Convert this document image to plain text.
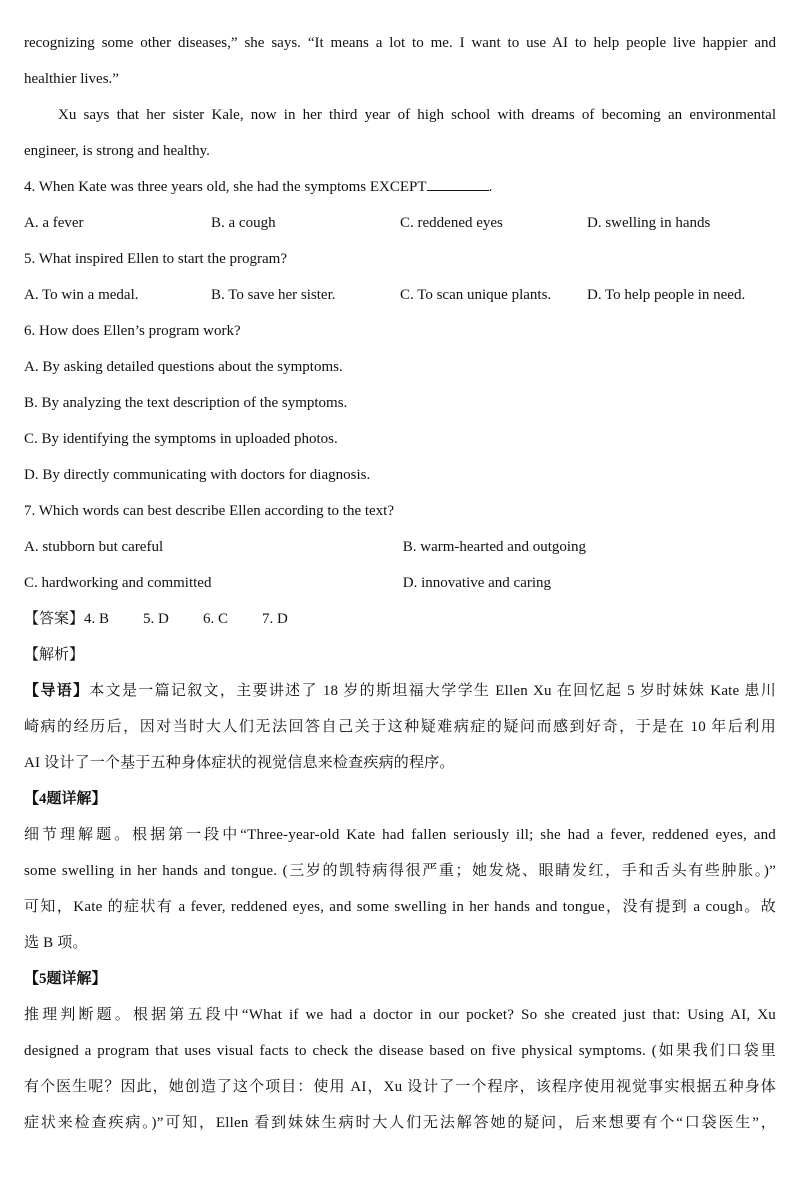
recognizing some other diseases,” she says. “It means a lot to me. I want to use AI to help people live happier and
healthier lives.”
Xu says that her sister Kale, now in her third year of high school with dreams of becoming an environmental
engineer, is strong and healthy.
4. When Kate was three years old, she had the symptoms EXCEPT	.
A. a fever	B. a cough	C. reddened eyes	D. swelling in hands
5. What inspired Ellen to start the program?
A. To win a medal.	B. To save her sister.	C. To scan unique plants.	D. To help people in need.
6. How does Ellen’s program work?
A. By asking detailed questions about the symptoms.
B. By analyzing the text description of the symptoms.
C. By identifying the symptoms in uploaded photos.
D. By directly communicating with doctors for diagnosis.
7. Which words can best describe Ellen according to the text?
A. stubborn but careful	B. warm-hearted and outgoing
C. hardworking and committed	D. innovative and caring
【答案】4. B 5. D 6. C 7. D
【解析】
【导语】本文是一篇记叙文，主要讲述了 18 岁的斯坦福大学学生 Ellen Xu 在回忆起 5 岁时妹妹 Kate 患川
崎病的经历后，因对当时大人们无法回答自己关于这种疑难病症的疑问而感到好奇，于是在 10 年后利用
AI 设计了一个基于五种身体症状的视觉信息来检查疾病的程序。
【4题详解】
细节理解题。根据第一段中“Three-year-old Kate had fallen seriously ill; she had a fever, reddened eyes, and
some swelling in her hands and tongue. (三岁的凯特病得很严重；她发烧、眼睛发红，手和舌头有些肿胀。)”
可知，Kate 的症状有 a fever, reddened eyes, and some swelling in her hands and tongue，没有提到 a cough。故
选 B 项。
【5题详解】
推理判断题。根据第五段中“What if we had a doctor in our pocket? So she created just that: Using AI, Xu
designed a program that uses visual facts to check the disease based on five physical symptoms. (如果我们口袋里
有个医生呢？因此，她创造了这个项目：使用 AI，Xu 设计了一个程序，该程序使用视觉事实根据五种身体
症状来检查疾病。)”可知，Ellen 看到妹妹生病时大人们无法解答她的疑问，后来想要有个“口袋医生”，
